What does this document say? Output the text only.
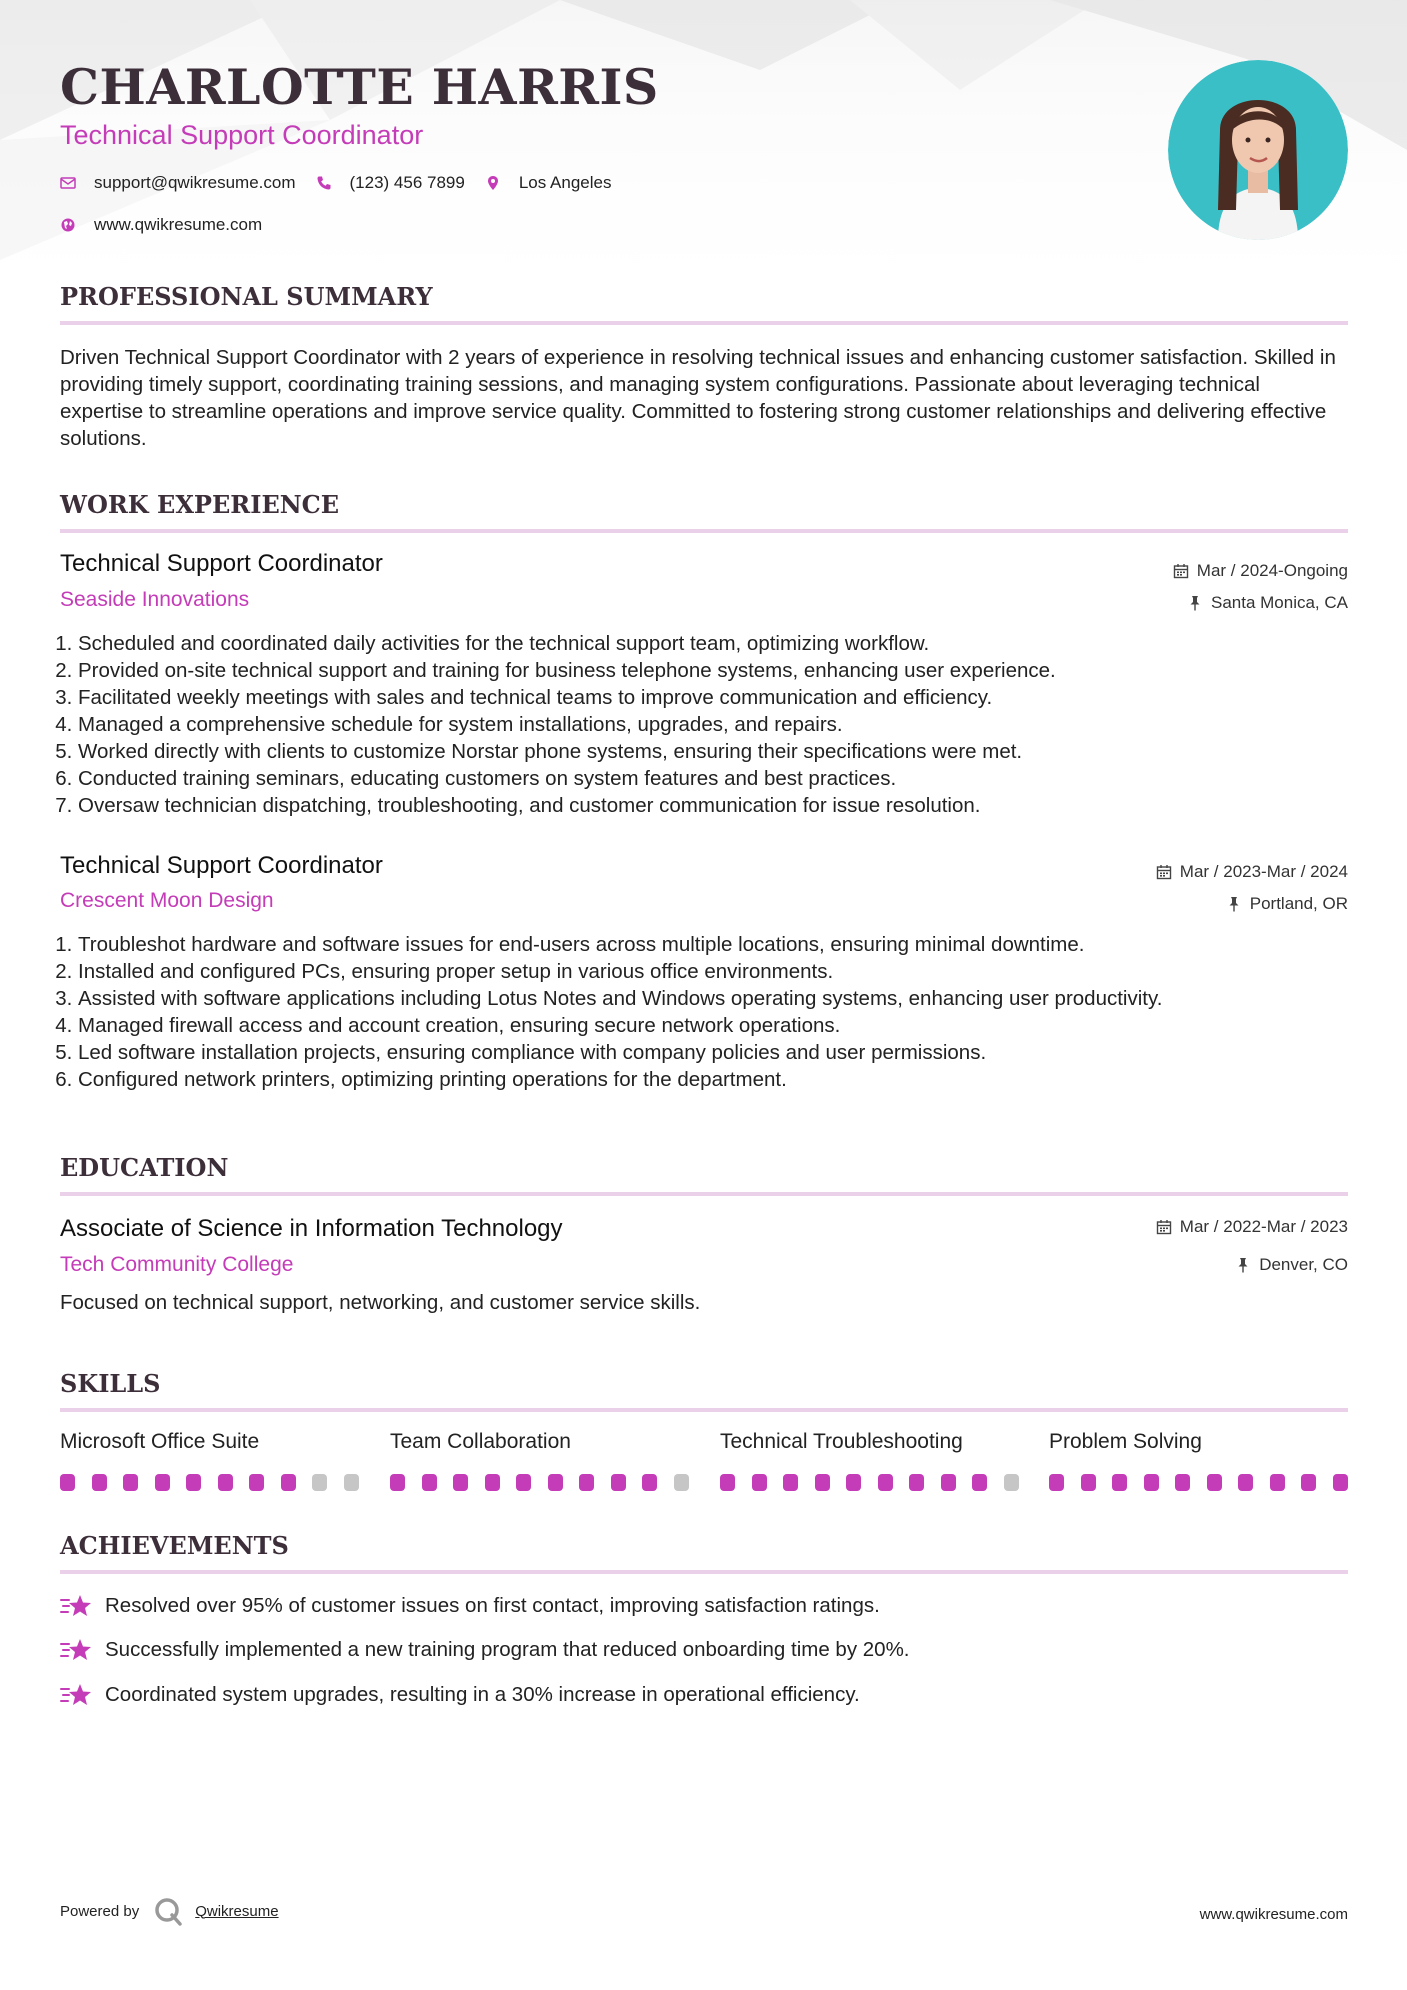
CHARLOTTE HARRIS
Technical Support Coordinator
support@qwikresume.com	(123) 456 7899	Los Angeles
www.qwikresume.com
PROFESSIONAL SUMMARY

Driven Technical Support Coordinator with 2 years of experience in resolving technical issues and enhancing customer satisfaction. Skilled in providing timely support, coordinating training sessions, and managing system configurations. Passionate about leveraging technical expertise to streamline operations and improve service quality. Committed to fostering strong customer relationships and delivering effective solutions.

WORK EXPERIENCE
Technical Support Coordinator	Mar / 2024-Ongoing
Seaside Innovations	Santa Monica, CA
1. Scheduled and coordinated daily activities for the technical support team, optimizing workflow.
2. Provided on-site technical support and training for business telephone systems, enhancing user experience.
3. Facilitated weekly meetings with sales and technical teams to improve communication and efficiency.
4. Managed a comprehensive schedule for system installations, upgrades, and repairs.
5. Worked directly with clients to customize Norstar phone systems, ensuring their specifications were met.
6. Conducted training seminars, educating customers on system features and best practices.
7. Oversaw technician dispatching, troubleshooting, and customer communication for issue resolution.
Technical Support Coordinator	Mar / 2023-Mar / 2024
Crescent Moon Design	Portland, OR
1. Troubleshot hardware and software issues for end-users across multiple locations, ensuring minimal downtime.
2. Installed and configured PCs, ensuring proper setup in various office environments.
3. Assisted with software applications including Lotus Notes and Windows operating systems, enhancing user productivity.
4. Managed firewall access and account creation, ensuring secure network operations.
5. Led software installation projects, ensuring compliance with company policies and user permissions.
6. Configured network printers, optimizing printing operations for the department.
EDUCATION
Associate of Science in Information Technology	Mar / 2022-Mar / 2023
Tech Community College	Denver, CO

Focused on technical support, networking, and customer service skills.

SKILLS
Microsoft Office Suite	Team Collaboration	Technical Troubleshooting	Problem Solving
ACHIEVEMENTS
Resolved over 95% of customer issues on first contact, improving satisfaction ratings.
Successfully implemented a new training program that reduced onboarding time by 20%.
Coordinated system upgrades, resulting in a 30% increase in operational efficiency.
Powered by	Qwikresume	www.qwikresume.com
